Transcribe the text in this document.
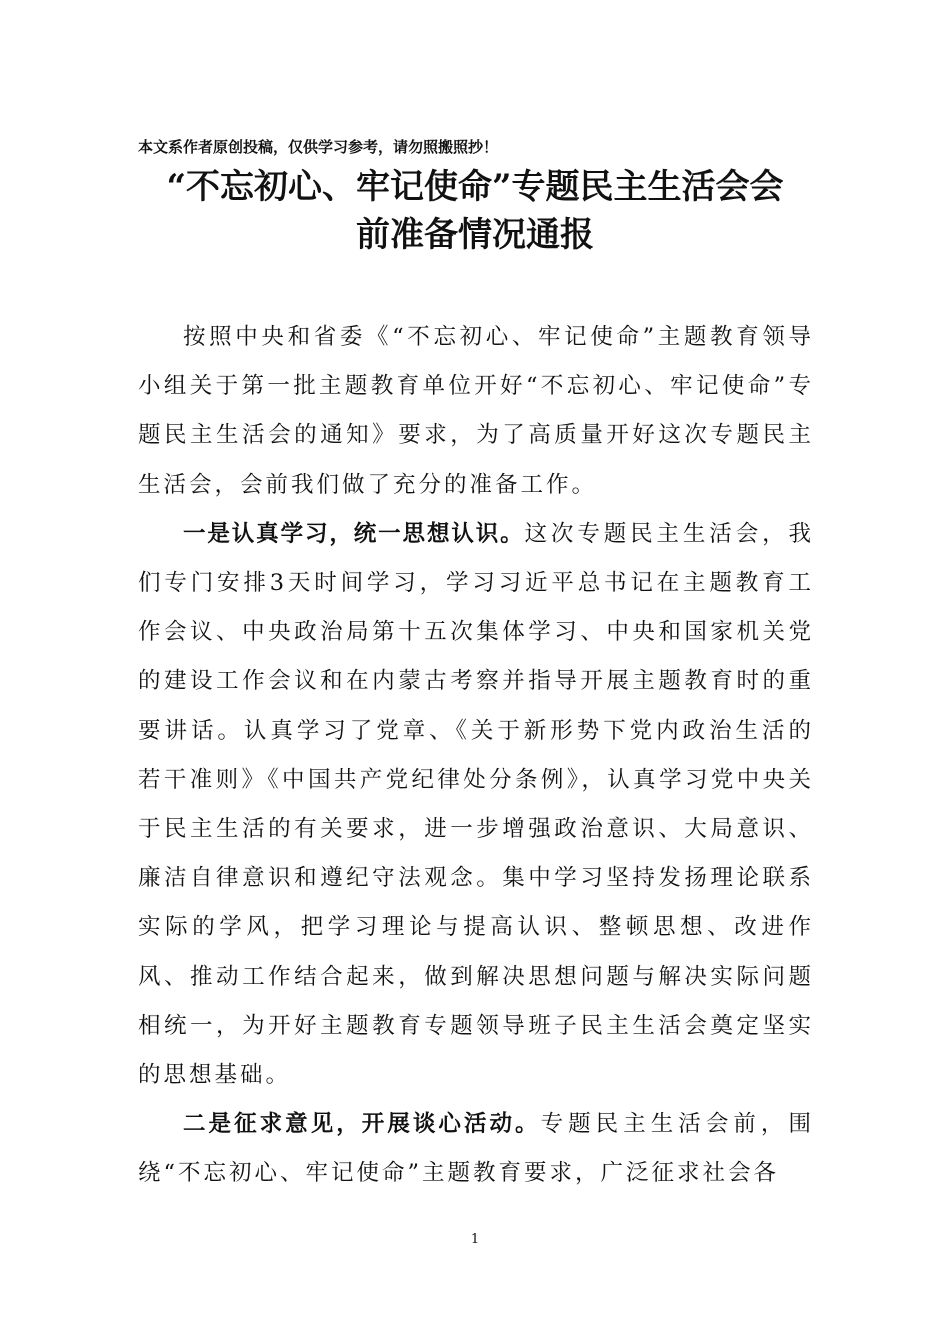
本文系作者原创投稿，仅供学习参考，请勿照搬照抄！
“不忘初心、牢记使命”专题民主生活会会
前准备情况通报

按照中央和省委《“不忘初心、牢记使命”主题教育领导小组关于第一批主题教育单位开好“不忘初心、牢记使命”专题民主生活会的通知》要求，为了高质量开好这次专题民主生活会，会前我们做了充分的准备工作。

一是认真学习，统一思想认识。这次专题民主生活会，我们专门安排3天时间学习，学习习近平总书记在主题教育工作会议、中央政治局第十五次集体学习、中央和国家机关党的建设工作会议和在内蒙古考察并指导开展主题教育时的重要讲话。认真学习了党章、《关于新形势下党内政治生活的若干准则》《中国共产党纪律处分条例》，认真学习党中央关于民主生活的有关要求，进一步增强政治意识、大局意识、廉洁自律意识和遵纪守法观念。集中学习坚持发扬理论联系实际的学风，把学习理论与提高认识、整顿思想、改进作风、推动工作结合起来，做到解决思想问题与解决实际问题相统一，为开好主题教育专题领导班子民主生活会奠定坚实的思想基础。

二是征求意见，开展谈心活动。专题民主生活会前，围绕“不忘初心、牢记使命”主题教育要求，广泛征求社会各

1
